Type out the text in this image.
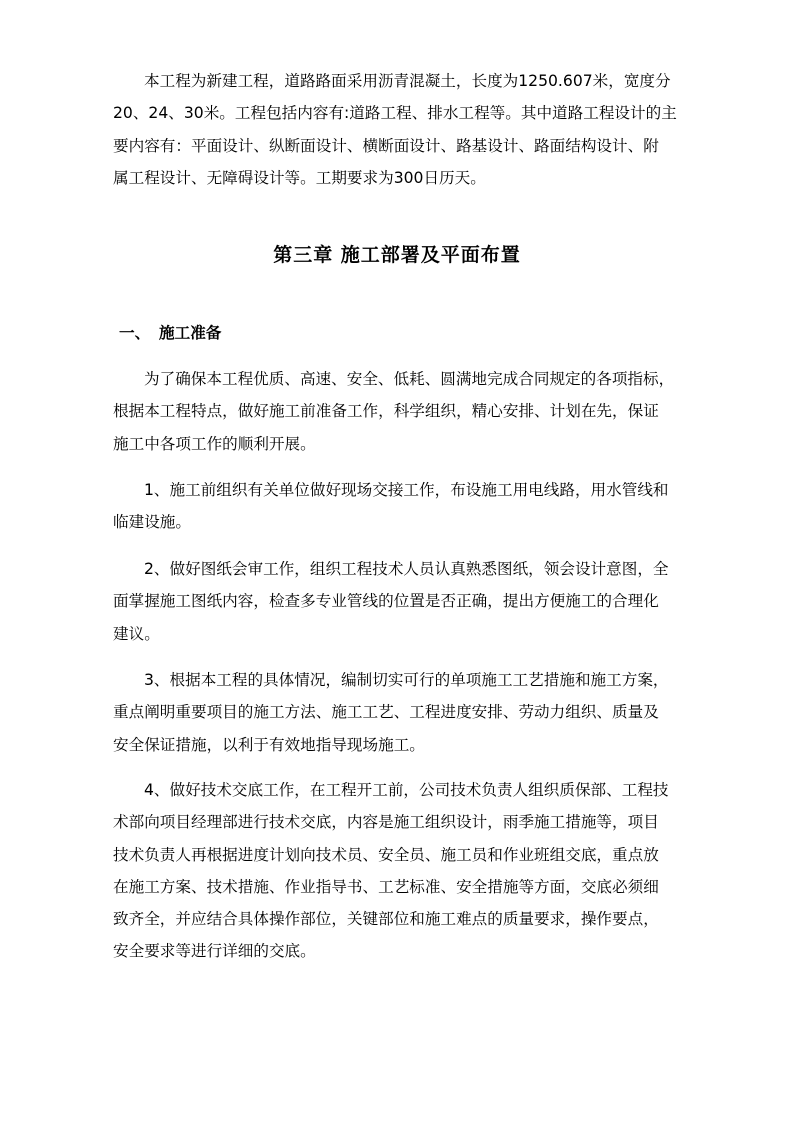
本工程为新建工程，道路路面采用沥青混凝土，长度为1250.607米，宽度分
20、24、30米。工程包括内容有:道路工程、排水工程等。其中道路工程设计的主
要内容有：平面设计、纵断面设计、横断面设计、路基设计、路面结构设计、附
属工程设计、无障碍设计等。工期要求为300日历天。
第三章 施工部署及平面布置
一、 施工准备
为了确保本工程优质、高速、安全、低耗、圆满地完成合同规定的各项指标，
根据本工程特点，做好施工前准备工作，科学组织，精心安排、计划在先，保证
施工中各项工作的顺利开展。
1、施工前组织有关单位做好现场交接工作，布设施工用电线路，用水管线和
临建设施。
2、做好图纸会审工作，组织工程技术人员认真熟悉图纸，领会设计意图，全
面掌握施工图纸内容，检查多专业管线的位置是否正确，提出方便施工的合理化
建议。
3、根据本工程的具体情况，编制切实可行的单项施工工艺措施和施工方案，
重点阐明重要项目的施工方法、施工工艺、工程进度安排、劳动力组织、质量及
安全保证措施，以利于有效地指导现场施工。
4、做好技术交底工作，在工程开工前，公司技术负责人组织质保部、工程技
术部向项目经理部进行技术交底，内容是施工组织设计，雨季施工措施等，项目
技术负责人再根据进度计划向技术员、安全员、施工员和作业班组交底，重点放
在施工方案、技术措施、作业指导书、工艺标准、安全措施等方面，交底必须细
致齐全，并应结合具体操作部位，关键部位和施工难点的质量要求，操作要点，
安全要求等进行详细的交底。
